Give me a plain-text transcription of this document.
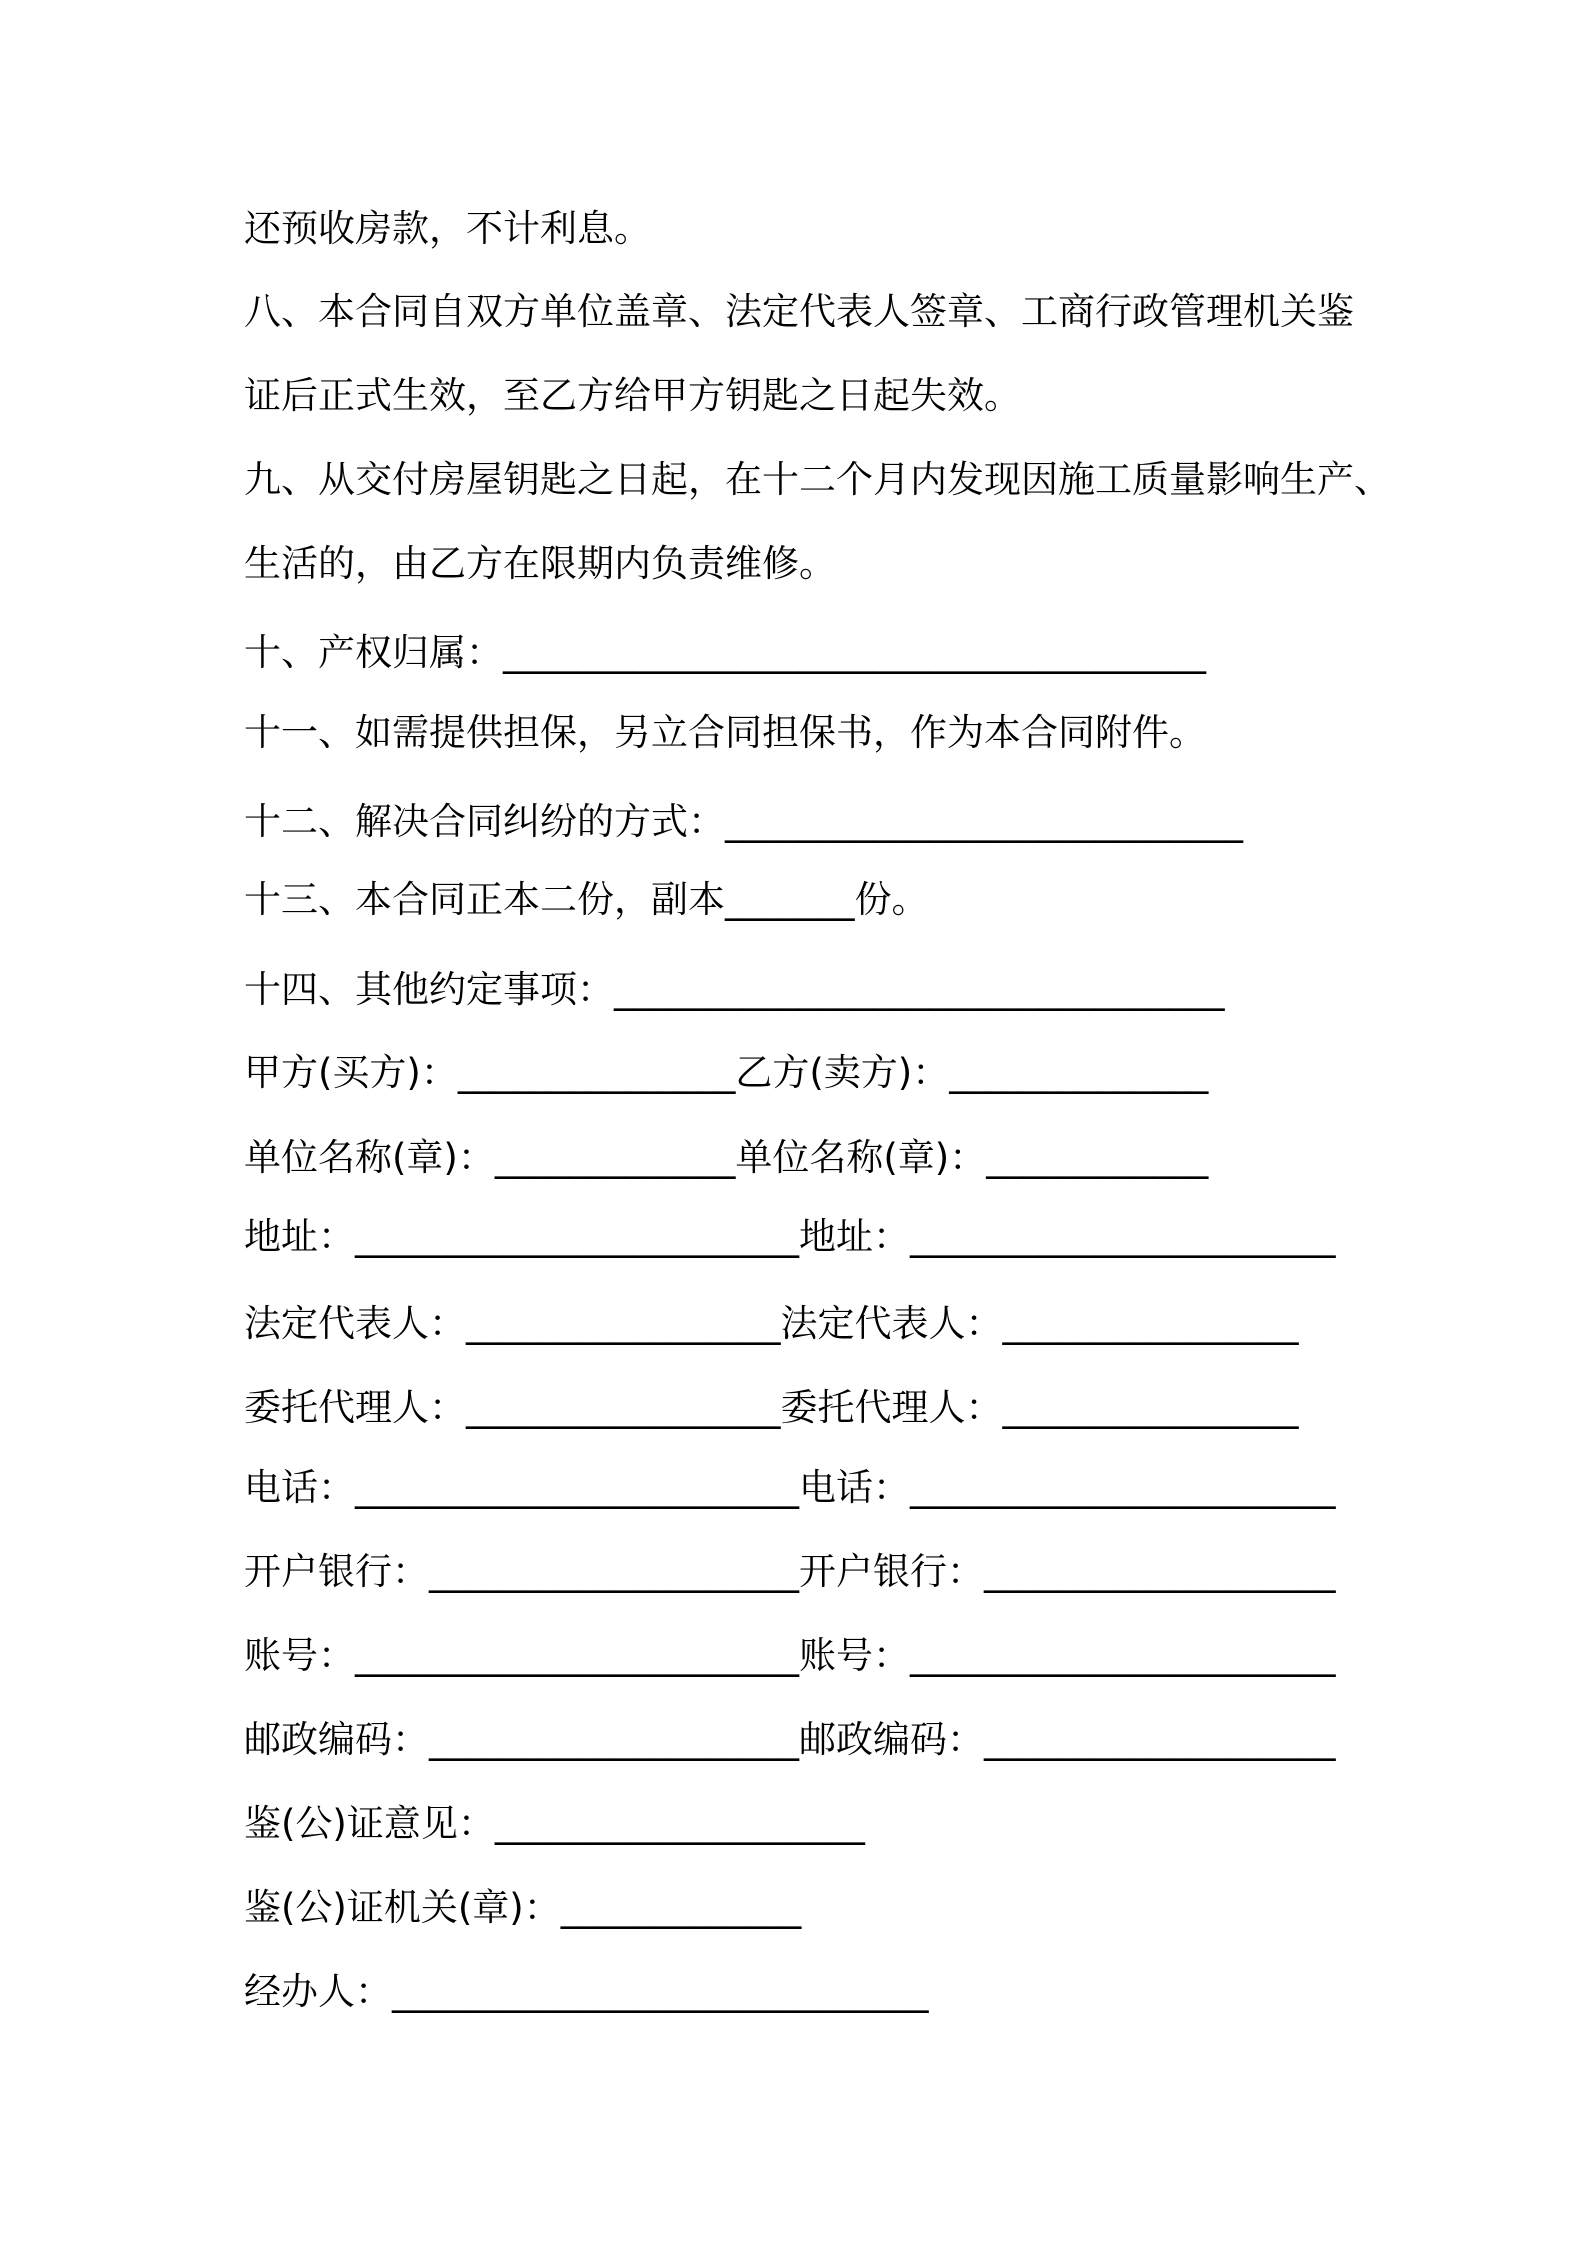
还预收房款，不计利息。
八、本合同自双方单位盖章、法定代表人签章、工商行政管理机关鉴
证后正式生效，至乙方给甲方钥匙之日起失效。
九、从交付房屋钥匙之日起，在十二个月内发现因施工质量影响生产、
生活的，由乙方在限期内负责维修。
十、产权归属：______________________________________
十一、如需提供担保，另立合同担保书，作为本合同附件。
十二、解决合同纠纷的方式：____________________________
十三、本合同正本二份，副本_______份。
十四、其他约定事项：_________________________________
甲方(买方)：_______________乙方(卖方)：______________
单位名称(章)：_____________单位名称(章)：____________
地址：________________________地址：_______________________
法定代表人：_________________法定代表人：________________
委托代理人：_________________委托代理人：________________
电话：________________________电话：_______________________
开户银行：____________________开户银行：___________________
账号：________________________账号：_______________________
邮政编码：____________________邮政编码：___________________
鉴(公)证意见：____________________
鉴(公)证机关(章)：_____________
经办人：_____________________________
